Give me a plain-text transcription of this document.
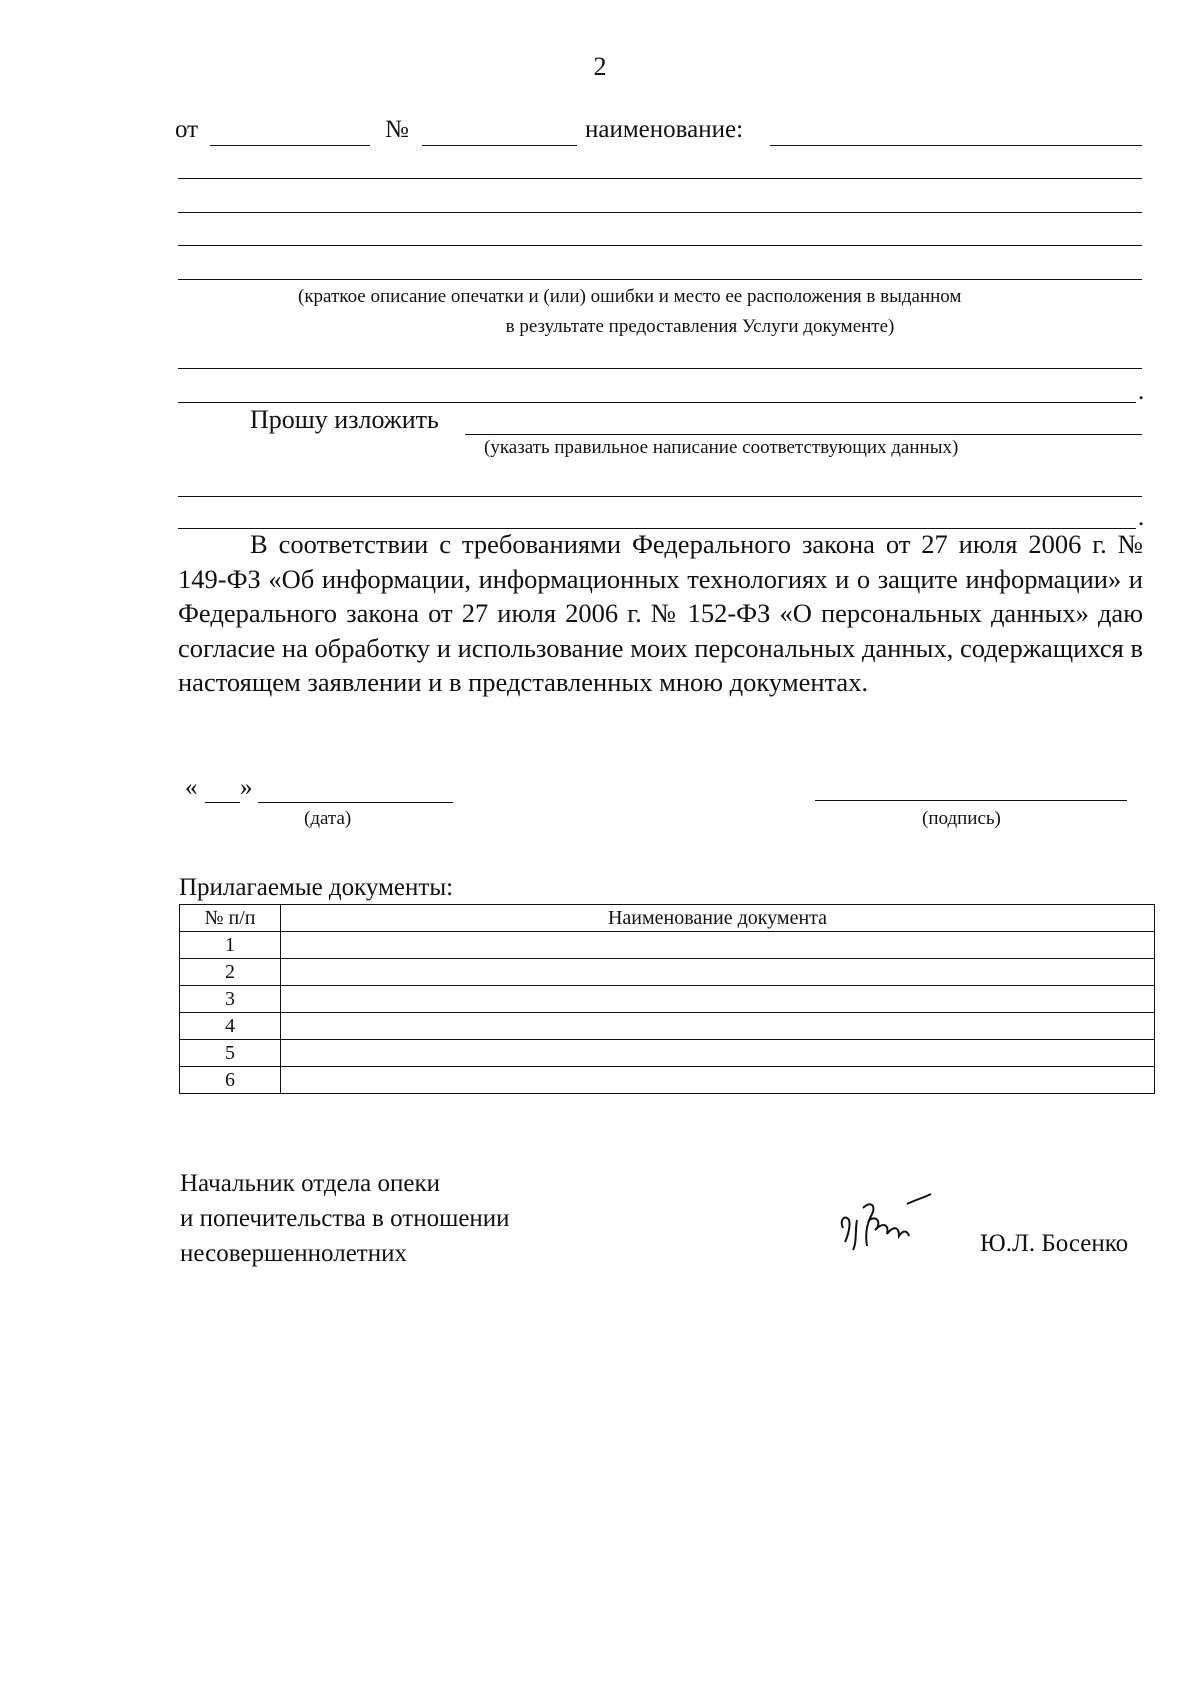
2
от	№	наименование:
(краткое описание опечатки и (или) ошибки и место ее расположения в выданном
в результате предоставления Услуги документе)
.
Прошу изложить
(указать правильное написание соответствующих данных)
.
В соответствии с требованиями Федерального закона от 27 июля 2006 г. № 149-ФЗ «Об информации, информационных технологиях и о защите информации» и Федерального закона от 27 июля 2006 г. № 152-ФЗ «О персональных данных» даю согласие на обработку и использование моих персональных данных, содержащихся в настоящем заявлении и в представленных мною документах.
« »
(дата)	(подпись)
Прилагаемые документы:
№ п/п	Наименование документа
1	
2	
3	
4	
5	
6	
Начальник отдела опеки
и попечительства в отношении
несовершеннолетних	Ю.Л. Босенко
